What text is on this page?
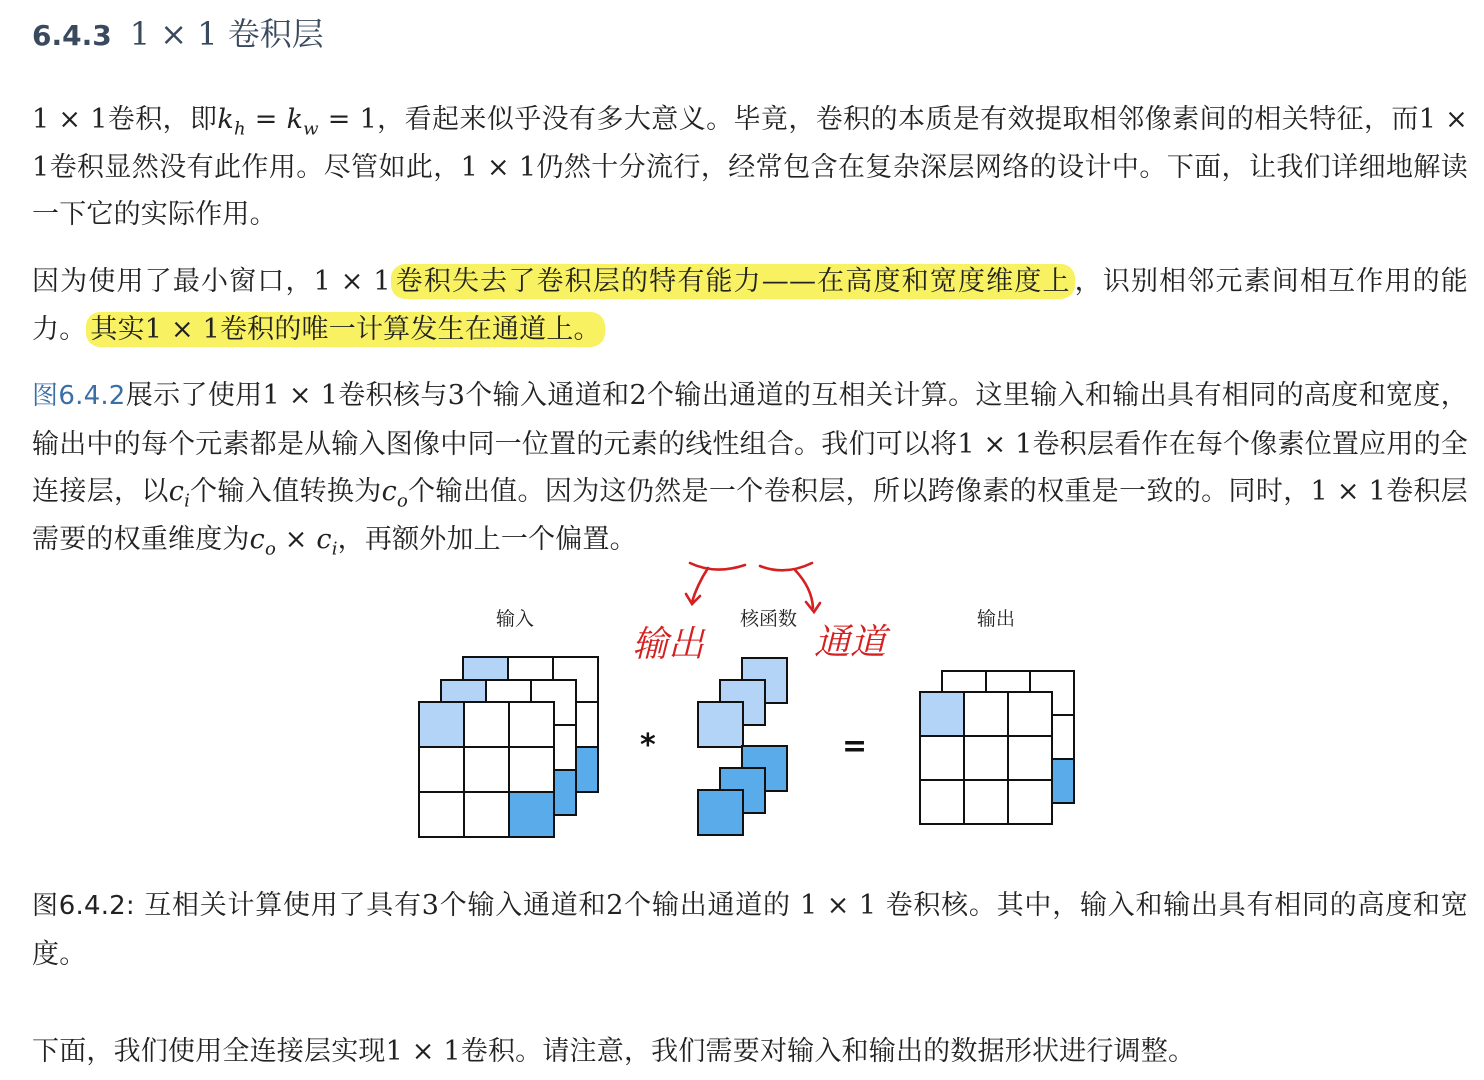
6.4.3 1 × 1 卷积层

1 × 1卷积，即$k_h = k_w = 1$，看起来似乎没有多大意义。毕竟，卷积的本质是有效提取相邻像素间的相关特征，而1 × 1卷积显然没有此作用。尽管如此，1 × 1仍然十分流行，经常包含在复杂深层网络的设计中。下面，让我们详细地解读一下它的实际作用。

因为使用了最小窗口，1 × 1 卷积失去了卷积层的特有能力——在高度和宽度维度上 ，识别相邻元素间相互作用的能力。 其实1 × 1卷积的唯一计算发生在通道上。

图6.4.2展示了使用1 × 1卷积核与3个输入通道和2个输出通道的互相关计算。这里输入和输出具有相同的高度和宽度，输出中的每个元素都是从输入图像中同一位置的元素的线性组合。我们可以将1 × 1卷积层看作在每个像素位置应用的全连接层，以$c_i$个输入值转换为$c_o$个输出值。因为这仍然是一个卷积层，所以跨像素的权重是一致的。同时，1 × 1卷积层需要的权重维度为$c_o \times c_i$，再额外加上一个偏置。

输出	通道
输入	核函数	输出
*	=

图6.4.2: 互相关计算使用了具有3个输入通道和2个输出通道的 1 × 1 卷积核。其中，输入和输出具有相同的高度和宽度。

下面，我们使用全连接层实现1 × 1卷积。请注意，我们需要对输入和输出的数据形状进行调整。
